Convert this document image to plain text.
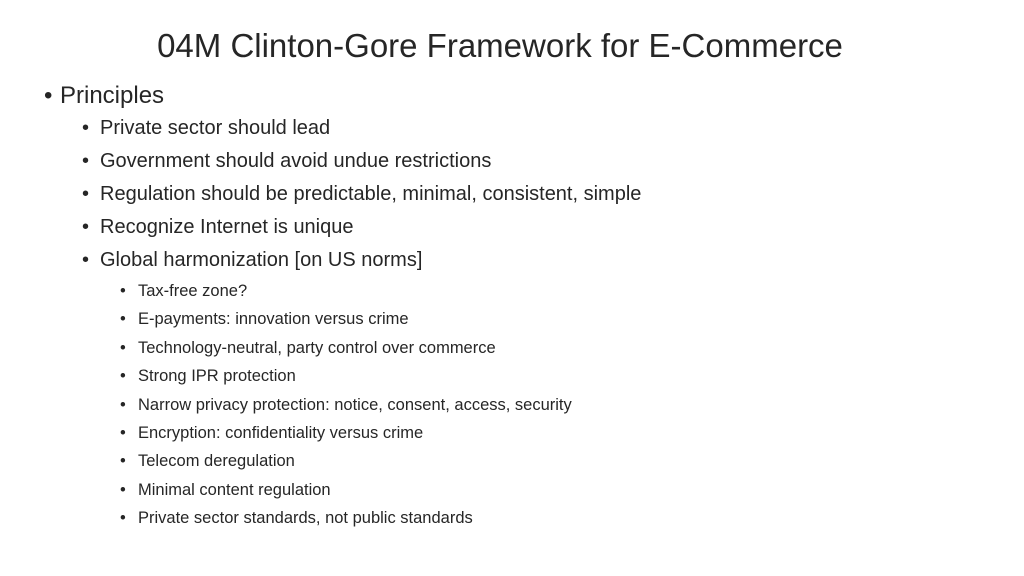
04M Clinton-Gore Framework for E-Commerce
• Principles
• Private sector should lead
• Government should avoid undue restrictions
• Regulation should be predictable, minimal, consistent, simple
• Recognize Internet is unique
• Global harmonization [on US norms]
• Tax-free zone?
• E-payments: innovation versus crime
• Technology-neutral, party control over commerce
• Strong IPR protection
• Narrow privacy protection: notice, consent, access, security
• Encryption: confidentiality versus crime
• Telecom deregulation
• Minimal content regulation
• Private sector standards, not public standards
